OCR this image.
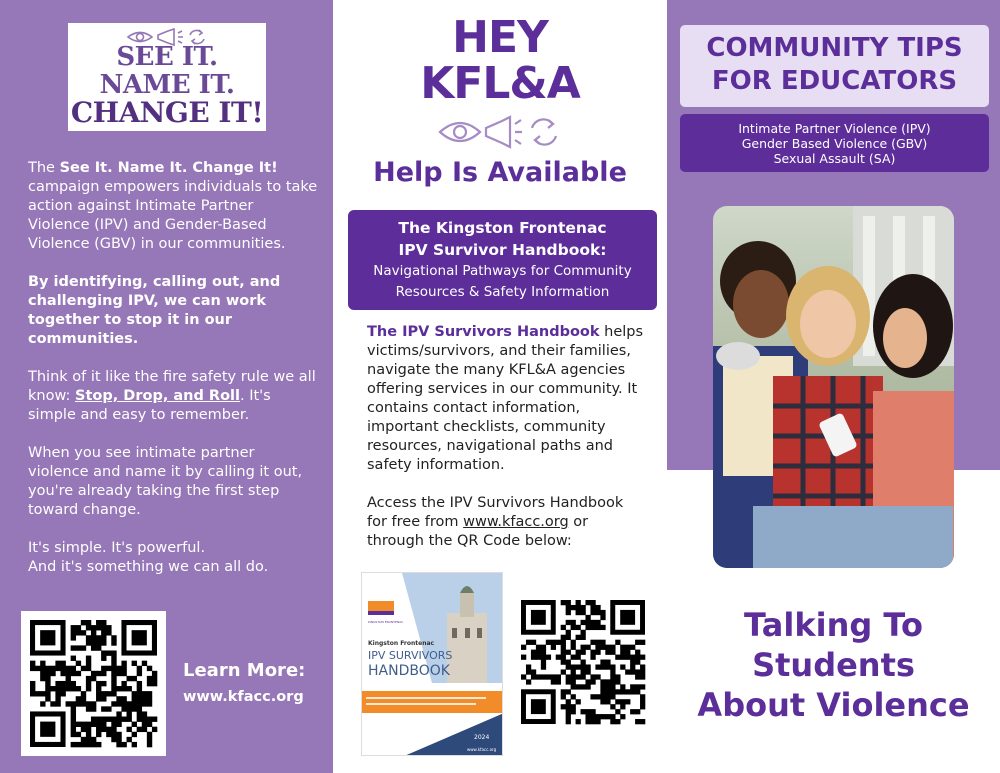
SEE IT.
NAME IT.
CHANGE IT!

The See It. Name It. Change It! campaign empowers individuals to take action against Intimate Partner Violence (IPV) and Gender-Based Violence (GBV) in our communities.

By identifying, calling out, and challenging IPV, we can work together to stop it in our communities.

Think of it like the fire safety rule we all know: Stop, Drop, and Roll. It's simple and easy to remember.

When you see intimate partner violence and name it by calling it out, you're already taking the first step toward change.

It's simple. It's powerful.
And it's something we can all do.

Learn More:
www.kfacc.org
HEY
KFL&A
Help Is Available
The Kingston Frontenac
IPV Survivor Handbook:
Navigational Pathways for Community
Resources & Safety Information

The IPV Survivors Handbook helps victims/survivors, and their families, navigate the many KFL&A agencies offering services in our community. It contains contact information, important checklists, community resources, navigational paths and safety information.

Access the IPV Survivors Handbook for free from www.kfacc.org or through the QR Code below:

KINGSTON FRONTENAC
Kingston Frontenac
IPV SURVIVORS
HANDBOOK
2024
www.kfacc.org
COMMUNITY TIPS
FOR EDUCATORS
Intimate Partner Violence (IPV)
Gender Based Violence (GBV)
Sexual Assault (SA)
Talking To
Students
About Violence
